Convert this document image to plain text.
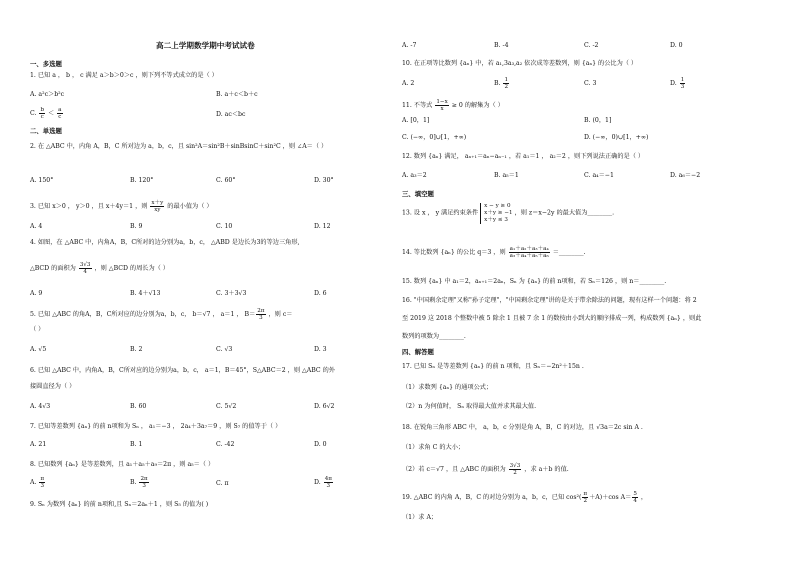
高二上学期数学期中考试试卷
一、多选题
1. 已知 a ， b ， c 满足 a＞b＞0＞c ，则下列不等式成立的是（ ）
A. a²c＞b²c	B. a＋c＜b＋c
C. $\frac{b}{c} < \frac{a}{c}$	D. ac＜bc
二、单选题
2. 在 △ABC 中，内角 A，B，C 所对边为 a，b，c，且 sin²A＝sin²B＋sinBsinC＋sin²C ，则 ∠A＝（ ）
A. 150°	B. 120°	C. 60°	D. 30°
3. 已知 x＞0 ， y＞0 ，且 x＋4y＝1 ，则 $\frac{x+y}{xy}$ 的最小值为（ ）
A. 4	B. 9	C. 10	D. 12
4. 如图，在 △ABC 中，内角A，B，C所对的边分别为a，b，c， △ABD 是边长为3的等边三角形,
△BCD 的面积为 $\frac{3√3}{4}$ ，则 △BCD 的周长为（ ）
A. 9	B. 4＋√13	C. 3＋3√3	D. 6
5. 已知 △ABC 的角A，B，C所对应的边分别为a，b，c， b＝√7 ， a＝1 ， $B= \frac{2\pi}{3}$ ，则 c＝
（ ）
A. √5	B. 2	C. √3	D. 3
6. 已知 △ABC 中，内角A，B，C所对应的边分别为a，b，c， a＝1，B＝45°，S△ABC＝2 ，则 △ABC 的外
接圆直径为（ ）
A. 4√3	B. 60	C. 5√2	D. 6√2
7. 已知等差数列 {aₙ} 的前 n项和为 Sₙ ， a₁＝−3 ， 2a₄＋3a₇＝9 ，则 S₇ 的值等于（ ）
A. 21	B. 1	C. -42	D. 0
8. 已知数列 {aₙ} 是等差数列，且 a₁＋a₅＋a₉＝2π ，则 a₅＝（ ）
A. $\frac{\pi}{3}$	B. $\frac{2\pi}{3}$	C. π	D. $\frac{4\pi}{3}$
9. Sₙ 为数列 {aₙ} 的前 n项和,且 Sₙ＝2aₙ＋1 ，则 S₅ 的值为( )
A. -7	B. -4	C. -2	D. 0
10. 在正项等比数列 {aₙ} 中，若 a₁,3a₃,a₂ 依次成等差数列，则 {aₙ} 的公比为（ ）
A. 2	B. $\frac{1}{2}$	C. 3	D. $\frac{1}{3}$
11. 不等式 $\frac{1-x}{x} \ge 0$ 的解集为（ ）
A. [0，1]	B. (0，1]
C. (−∞，0]∪[1，+∞)	D. (−∞，0)∪[1，+∞)
12. 数列 {aₙ} 满足， aₙ₊₁＝aₙ−aₙ₋₁ ，若 a₁＝1 ， a₂＝2 ，则下列说法正确的是（ ）
A. a₃＝2	B. a₅＝1	C. a₄＝−1	D. a₆＝−2
三、填空题
13. 设 x ， y 满足约束条件
x − y ≥ 0
x＋y ≥ −1
x＋y ≤ 3
，则 z＝x−2y 的最大值为________.
14. 等比数列 {aₙ} 的公比 q＝3 ，则 $\frac{\text{a₁＋a₂＋a₃＋a₄}}{\text{a₃＋a₄＋a₅＋a₆}}$ ＝________.
15. 数列 {aₙ} 中 a₁＝2，aₙ₊₁＝2aₙ，Sₙ 为 {aₙ} 的前 n项和，若 Sₙ＝126 ，则 n＝________.
16. "中国剩余定理"又称"孙子定理"，"中国剩余定理"讲的是关于带余除法的问题，现有这样一个问题：将 2
至 2019 这 2018 个整数中被 5 除余 1 且被 7 余 1 的数按由小到大的顺序排成一列，构成数列 {aₙ} ，则此
数列的项数为________.
四、解答题
17. 已知 Sₙ 是等差数列 {aₙ} 的前 n 项和，且 Sₙ＝−2n²＋15n .
（1）求数列 {aₙ} 的通项公式；
（2）n 为何值时， Sₙ 取得最大值并求其最大值.
18. 在锐角三角形 ABC 中， a，b，c 分别是角 A，B，C 的对边，且 √3a＝2c sin A .
（1）求角 C 的大小；
（2）若 c＝√7 ，且 △ABC 的面积为 $\frac{3√3}{2}$ ，求 a＋b 的值.
19. △ABC 的内角 A，B，C 的对边分别为 a，b，c，已知 $\cos^2( \frac{\pi}{2} +A)+\cos$ $A= \frac{5}{4}$ ，
（1）求 A；
